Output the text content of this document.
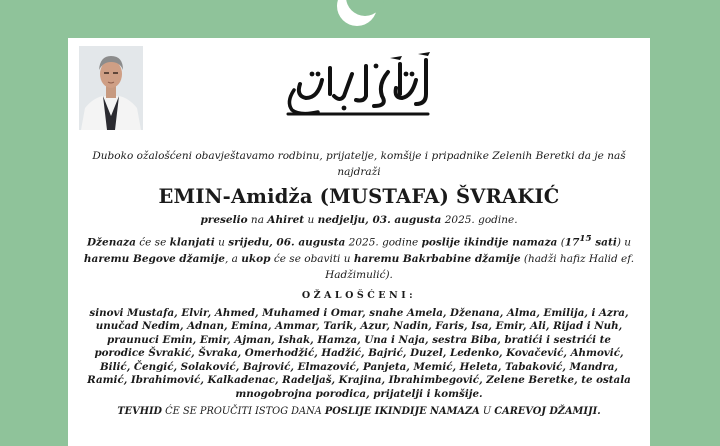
Duboko ožalošćeni obavještavamo rodbinu, prijatelje, komšije i pripadnike Zelenih Beretki da je naš najdraži

EMIN-Amidža (MUSTAFA) ŠVRAKIĆ

preselio na Ahiret u nedjelju, 03. augusta 2025. godine.

Dženaza će se klanjati u srijedu, 06. augusta 2025. godine poslije ikindije namaza ($17^{15}$ sati) u haremu Begove džamije, a ukop će se obaviti u haremu Bakrbabine džamije (hadži hafiz Halid ef. Hadžimulić).

OŽALOŠĆENI:

sinovi Mustafa, Elvir, Ahmed, Muhamed i Omar, snahe Amela, Dženana, Alma, Emilija, i Azra, unučad Nedim, Adnan, Emina, Ammar, Tarik, Azur, Nadin, Faris, Isa, Emir, Ali, Rijad i Nuh, praunuci Emin, Emir, Ajman, Ishak, Hamza, Una i Naja, sestra Biba, bratići i sestrići te porodice Švrakić, Švraka, Omerhodžić, Hadžić, Bajrić, Duzel, Ledenko, Kovačević, Ahmović, Bilić, Čengić, Solaković, Bajrović, Elmazović, Panjeta, Memić, Heleta, Tabaković, Mandra, Ramić, Ibrahimović, Kalkadenac, Radeljaš, Krajina, Ibrahimbegović, Zelene Beretke, te ostala mnogobrojna porodica, prijatelji i komšije.

TEVHID ĆE SE PROUČITI ISTOG DANA POSLIJE IKINDIJE NAMAZA U CAREVOJ DŽAMIJI.
